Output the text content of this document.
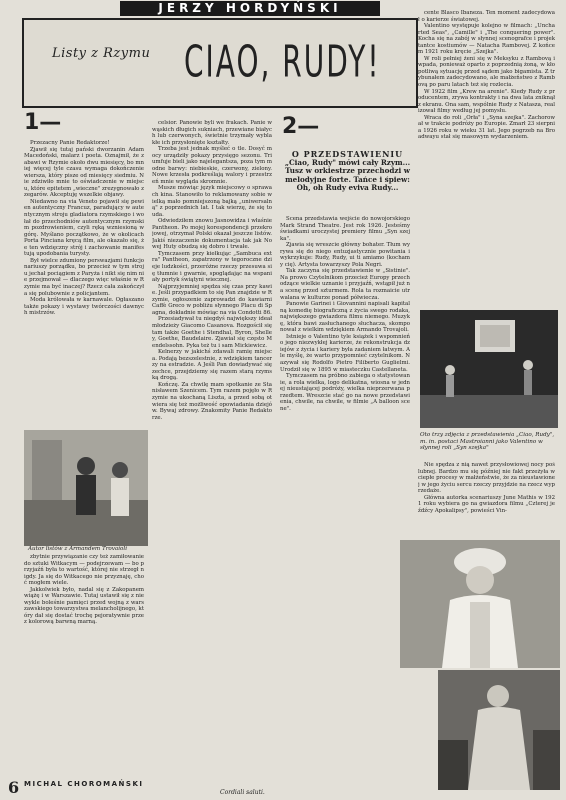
JERZY HORDYŃSKI
Listy z Rzymu CIAO, RUDY!
1—	2—
O PRZEDSTAWIENIU
„Ciao, Rudy" mówi cały Rzym... Tusz w orkiestrze przechodzi w melodyjne forte. Tańce i śpiew: Oh, oh Rudy eviva Rudy...

Przezacny Panie Redaktorze!

Zjawił się tutaj pański dworzanin Adam Macedoński, malarz i poeta. Oznajmił, że zabawi w Rzymie około dwu miesięcy, bo mniej więcej tyle czasu wymaga dokończenie wiersza, który pisze od miesięcy siedmiu. Nie zdziwiło mnie to oświadczenie w miejscu, które epitetem „wieczne" zrezygnowało z zegarów. Akceptuję wszelkie objawy.

Niedawno na via Veneto pojawił się pewien autentyczny Francuz, paradujący w autentycznym stroju gladiatora rzymskiego i wołał do przechodniów autentycznym rzymskim pozdrowieniem, czyli ręką wzniesioną w górę. Myślano początkowo, że w okolicach Porta Pinciana kręcą film, ale okazało się, że ten wdzięczny strój i zachowanie manifestują upodobania turysty.

Był wielce zdumiony perswazjami funkcjonariuszy porządku, bo przecież w tym stroju jechał pociągiem z Paryża i nikt się nim nie przejmował — dlaczego więc właśnie w Rzymie ma być inaczej? Rzecz cała zakończyła się polubownie z policjantem.

Moda królowała w karnawale. Ogłaszano także pokazy i wystawy twórczości dawnych mistrzów.

Autor listów z Armandem Trovaioli

zbytnie przywiązanie czy też zamiłowanie do sztuki Witkacym — podejrzewam — bo przyjaźń była to wartość, której nie strzegł nigdy. Ja się do Witkacego nie przyznaję, choć mogłem wiele.

Jakkolwiek było, nadal się z Zakopanem wiążę i w Warszawie. Tutaj ustawił się z niewykle boleśnie pamięci przed wojną z warszawskiego towarzystwa melancholijnego, który dał się dostać trochę pejoratywnie przez kolorową barwną marną.

celsior. Panowie byli we frakach. Panie w wąskich długich sukniach, przewiane białych lub czerwonych, świetnie trzymały wyblakłe ich przysłonięte kształty.

Trzeba jest jednak myśleć o tle. Dosyć mocy urządziły pokazy przysięgo sezonu. Triumfuje bieli jako najelegantsza, poza tym modne barwy: niebieskie, czerwony, zielony. Nowe krzesła podkreślają walory i przestrzeń mnie wygląda skromnie.

Musze mówiąc język miejscowy o sprawach kina. Stanowiło to reklamowany sobie wielką mało pomniejszoną bajką „uniwersalną" z poprzednich lat. I tak wierzę, że się to uda.

Odwiedziłem znowu Jasnowidza i właśnie Pantheon. Po mojej korespondencji przekrojowej, otrzymał Polski okazał jeszcze listów. Jakiś niezaczenie dokumentacja tak jak Nowej Huty obudzą się dobro i trwałe.

Tymczasem przy kiełkując „Sambuca extra" Pantheon, zapatrzony w tegoroczne dzieje ludzkości, przeróżne rzeczy przesuwa się tłumnie i gwarnie, spoglądając na wspaniały portyk świątyni wiecznej.

Najprzyjemniej spędza się czas przy kawie. Jeśli przypadkiem to się Pan znajdzie w Rzymie, ogłoszenie zaprowadzi do kawiarni Caffè Greco w pobliżu słynnego Placu di Spagna, dokładnie mówiąc na via Condotti 86.

Przesiadywał tu niegdyś największy ideał młodzieży Giacomo Casanova. Rozgościł się tam także Goethe i Stendhal, Byron, Shelley, Goethe, Baudelaire. Zjawiał się często Mendelssohn. Pyka też tu i sam Mickiewicz.

Kelnerzy w jakichś zdawali ramię miejsca. Podają bezszelestnie, z wdziękiem tancerzy na estradzie. A Jeśli Pan dowiadywać się zechce, przejdziemy się razem starą rzymską drogą.

Kończę. Za chwilę mam spotkanie ze Stanisławem Szenicem. Tym razem pojęło w Rzymie na ukochaną Liszta, a przed sobą otwiera się też możliwość opowiadania dziejów. Bywaj zdrowy. Znakomity Panie Redaktorze.

Scena przedstawia wejście do nowojorskiego Mark Strand Theatre. Jest rok 1926. Jesteśmy świadkami uroczystej premiery filmu „Syn szejka".

Zjawia się wreszcie główny bohater. Tłum wyrywa się do niego entuzjastycznie powitania i wykrzykuje: Rudy, Rudy, ui ti amiamo (kochamy cię). Artysta towarzyszy Pola Negri.

Tak zaczyna się przedstawienie w „Sistinie". Na prowo Czytelnikom przecież Europy przechodzące wielkie uznanie i przyjaźń, wstąpił już na scenę przed szturmem. Rola ta rozmaicie utrwalana w kulturze ponad półwiecza.

Panowie Garinei i Giovannini napisali kapitalną komedię biograficzną z życia swego rodaka, największego gwiazdora filmu niemego. Muzykę, która bawi zasłuchanego słuchacza, skomponował z wielkim wdziękiem Armando Trovajoli.

Istnieje o Valentino tyle książek i wspomnień o jego niezwykłej karierze, że rekonstrukcja dziejów z życia i kariery była zadaniem łatwym. Ale myślę, że warto przypomnieć czytelnikom. Nazywał się Rodolfo Pietro Filiberto Guglielmi. Urodził się w 1895 w miasteczku Castellaneta.

Tymczasem na próbno zabiega o statystowanie, a rola wielka, logo delikatna, wiosna w jednej nieustającej podróży, wielka nieprzerwana przedtem. Wreszcie stać go na nowe przedstawienia, chwile, na chwile, w filmie „A balloon scene".

cente Blasco Ibaneza. Ten moment zadecydował o karierze światowej.

Valentino występuje kolejno w filmach: „Uncharted Seas", „Camille" i „The conquering power". Kocha się na zabój w słynnej scenografce i projektantce kostiumów — Natacha Rambovej. Z końcem 1921 roku kręcie „Szejka".

W roli pełniej żeni się w Meksyku z Rambovą i wpada, ponieważ oparto z poprzednią żoną, w kłopotliwą sytuację przed sądem jako bigamista. Z trybunałem zadecydowano, ale małżeństwo z Rambovą po paru latach też się rozlecia.

W 1922 film „Krew na arenie". Kiedy Rudy z producentem, zrywa kontrakty i na dwa lata zniknął z ekranu. Ona sam, wspólnie Rudy z Natasza, realizował filmy według jej pomysłu.

Wraca do roli „Orła" i „Syna szejka". Zachorował w trakcie podróży po Europie. Zmarł 23 sierpnia 1926 roku w wieku 31 lat. Jego pogrzeb na Broadwayu stał się masowym wydarzeniem.

Oto trzy zdjęcia z przedstawienia „Ciao, Rudy", m. in. postaci Mastroianni jako Valentino w słynnej roli „Syn szejka"

Nie spędza z nią nawet przysłowiowej nocy poślubnej. Bardzo mu się później nie fakt przeżyła w ciepłe procesy w małżeństwie, że za nieustawionej w jego życiu sercu rzeczy przyjdzie na rzecz wyprzedaże.

Główna autorka scenariuszy June Mathis w 1921 roku wybiera go na gwiazdora filmu „Czterej jeźdźcy Apokalipsy", powieści Vin-

6 MICHAL CHOROMAŃSKI
Cordiali saluti.
